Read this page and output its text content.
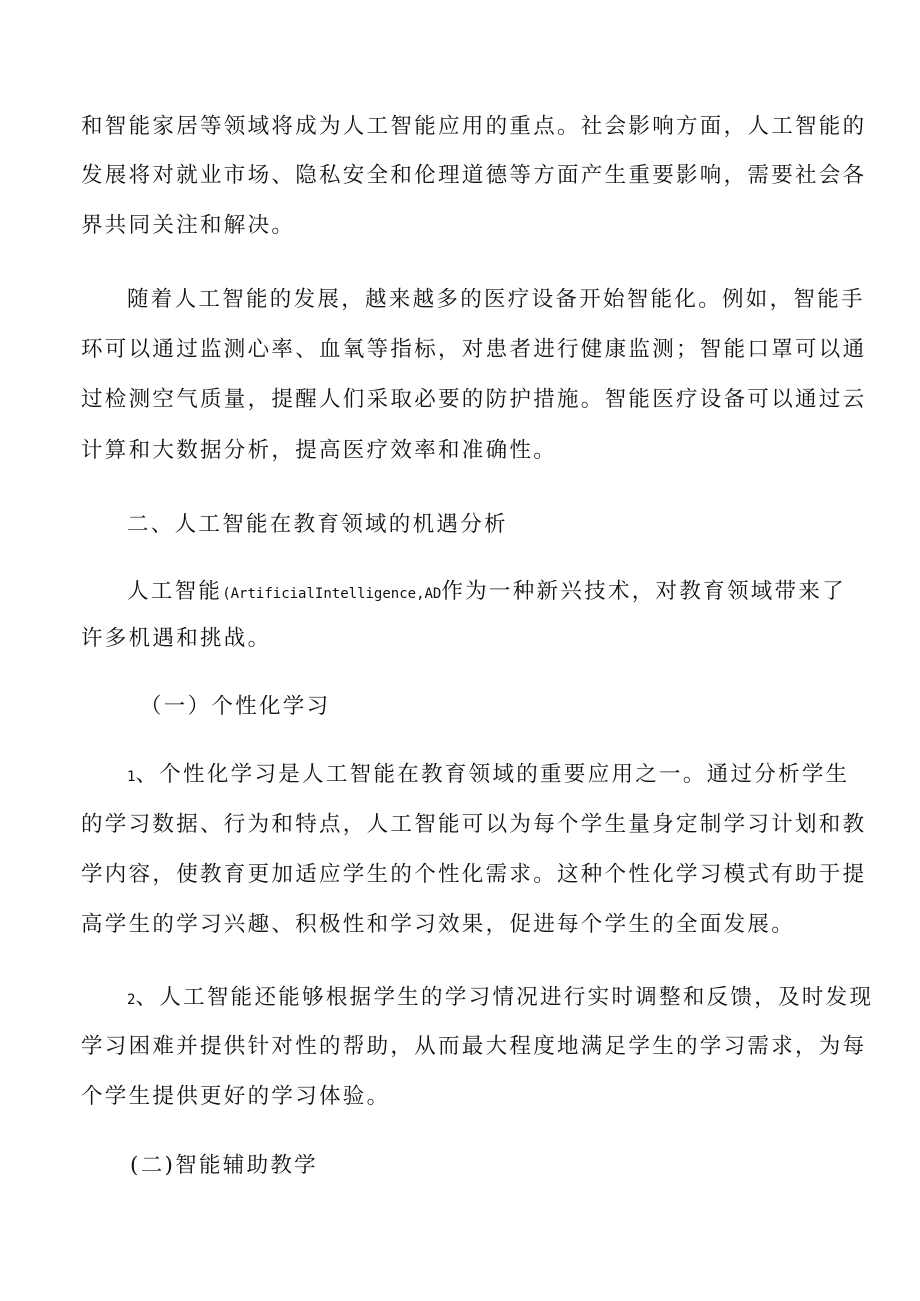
和智能家居等领域将成为人工智能应用的重点。社会影响方面，人工智能的

发展将对就业市场、隐私安全和伦理道德等方面产生重要影响，需要社会各

界共同关注和解决。

随着人工智能的发展，越来越多的医疗设备开始智能化。例如，智能手

环可以通过监测心率、血氧等指标，对患者进行健康监测；智能口罩可以通

过检测空气质量，提醒人们采取必要的防护措施。智能医疗设备可以通过云

计算和大数据分析，提高医疗效率和准确性。

二、人工智能在教育领域的机遇分析

人工智能(ArtificialIntelligence,AD作为一种新兴技术，对教育领域带来了

许多机遇和挑战。

（一）个性化学习

1、个性化学习是人工智能在教育领域的重要应用之一。通过分析学生

的学习数据、行为和特点，人工智能可以为每个学生量身定制学习计划和教

学内容，使教育更加适应学生的个性化需求。这种个性化学习模式有助于提

高学生的学习兴趣、积极性和学习效果，促进每个学生的全面发展。

2、人工智能还能够根据学生的学习情况进行实时调整和反馈，及时发现

学习困难并提供针对性的帮助，从而最大程度地满足学生的学习需求，为每

个学生提供更好的学习体验。

(二)智能辅助教学
